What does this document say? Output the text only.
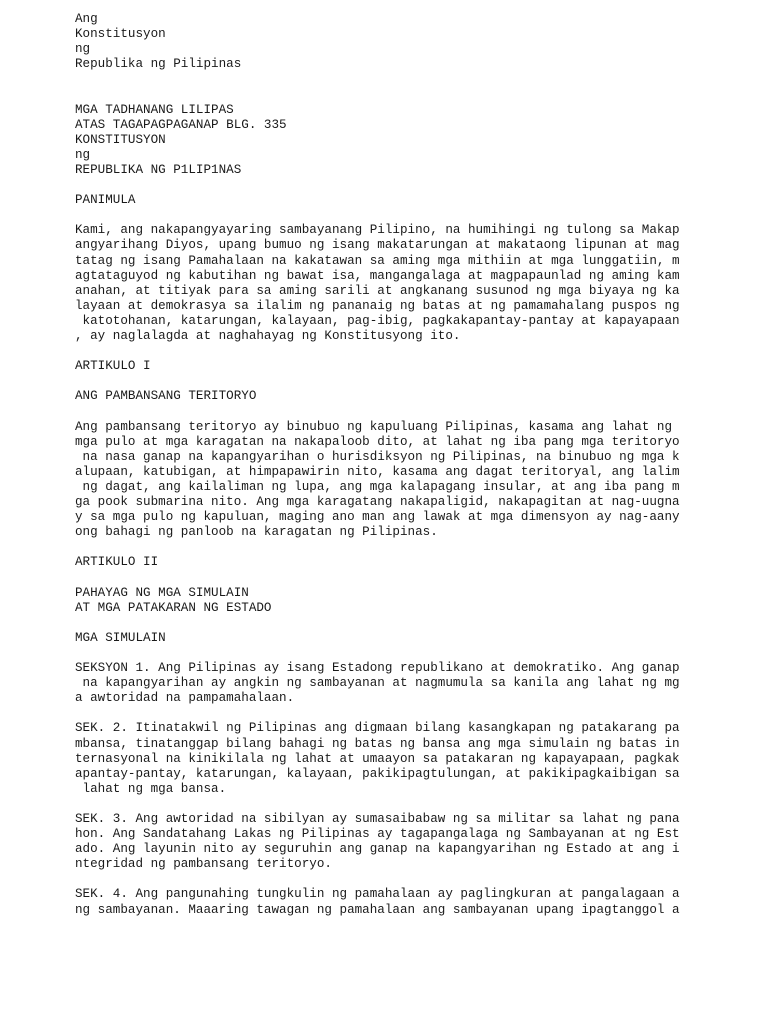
Ang
Konstitusyon
ng
Republika ng Pilipinas
MGA TADHANANG LILIPAS
ATAS TAGAPAGPAGANAP BLG. 335
KONSTITUSYON
ng
REPUBLIKA NG P1LIP1NAS
PANIMULA
Kami, ang nakapangyayaring sambayanang Pilipino, na humihingi ng tulong sa Makap
angyarihang Diyos, upang bumuo ng isang makatarungan at makataong lipunan at mag
tatag ng isang Pamahalaan na kakatawan sa aming mga mithiin at mga lunggatiin, m
agtataguyod ng kabutihan ng bawat isa, mangangalaga at magpapaunlad ng aming kam
anahan, at titiyak para sa aming sarili at angkanang susunod ng mga biyaya ng ka
layaan at demokrasya sa ilalim ng pananaig ng batas at ng pamamahalang puspos ng
katotohanan, katarungan, kalayaan, pag-ibig, pagkakapantay-pantay at kapayapaan
, ay naglalagda at naghahayag ng Konstitusyong ito.
ARTIKULO I
ANG PAMBANSANG TERITORYO
Ang pambansang teritoryo ay binubuo ng kapuluang Pilipinas, kasama ang lahat ng
mga pulo at mga karagatan na nakapaloob dito, at lahat ng iba pang mga teritoryo
na nasa ganap na kapangyarihan o hurisdiksyon ng Pilipinas, na binubuo ng mga k
alupaan, katubigan, at himpapawirin nito, kasama ang dagat teritoryal, ang lalim
ng dagat, ang kailaliman ng lupa, ang mga kalapagang insular, at ang iba pang m
ga pook submarina nito. Ang mga karagatang nakapaligid, nakapagitan at nag-uugna
y sa mga pulo ng kapuluan, maging ano man ang lawak at mga dimensyon ay nag-aany
ong bahagi ng panloob na karagatan ng Pilipinas.
ARTIKULO II
PAHAYAG NG MGA SIMULAIN
AT MGA PATAKARAN NG ESTADO
MGA SIMULAIN
SEKSYON 1. Ang Pilipinas ay isang Estadong republikano at demokratiko. Ang ganap
na kapangyarihan ay angkin ng sambayanan at nagmumula sa kanila ang lahat ng mg
a awtoridad na pampamahalaan.
SEK. 2. Itinatakwil ng Pilipinas ang digmaan bilang kasangkapan ng patakarang pa
mbansa, tinatanggap bilang bahagi ng batas ng bansa ang mga simulain ng batas in
ternasyonal na kinikilala ng lahat at umaayon sa patakaran ng kapayapaan, pagkak
apantay-pantay, katarungan, kalayaan, pakikipagtulungan, at pakikipagkaibigan sa
lahat ng mga bansa.
SEK. 3. Ang awtoridad na sibilyan ay sumasaibabaw ng sa militar sa lahat ng pana
hon. Ang Sandatahang Lakas ng Pilipinas ay tagapangalaga ng Sambayanan at ng Est
ado. Ang layunin nito ay seguruhin ang ganap na kapangyarihan ng Estado at ang i
ntegridad ng pambansang teritoryo.
SEK. 4. Ang pangunahing tungkulin ng pamahalaan ay paglingkuran at pangalagaan a
ng sambayanan. Maaaring tawagan ng pamahalaan ang sambayanan upang ipagtanggol a
